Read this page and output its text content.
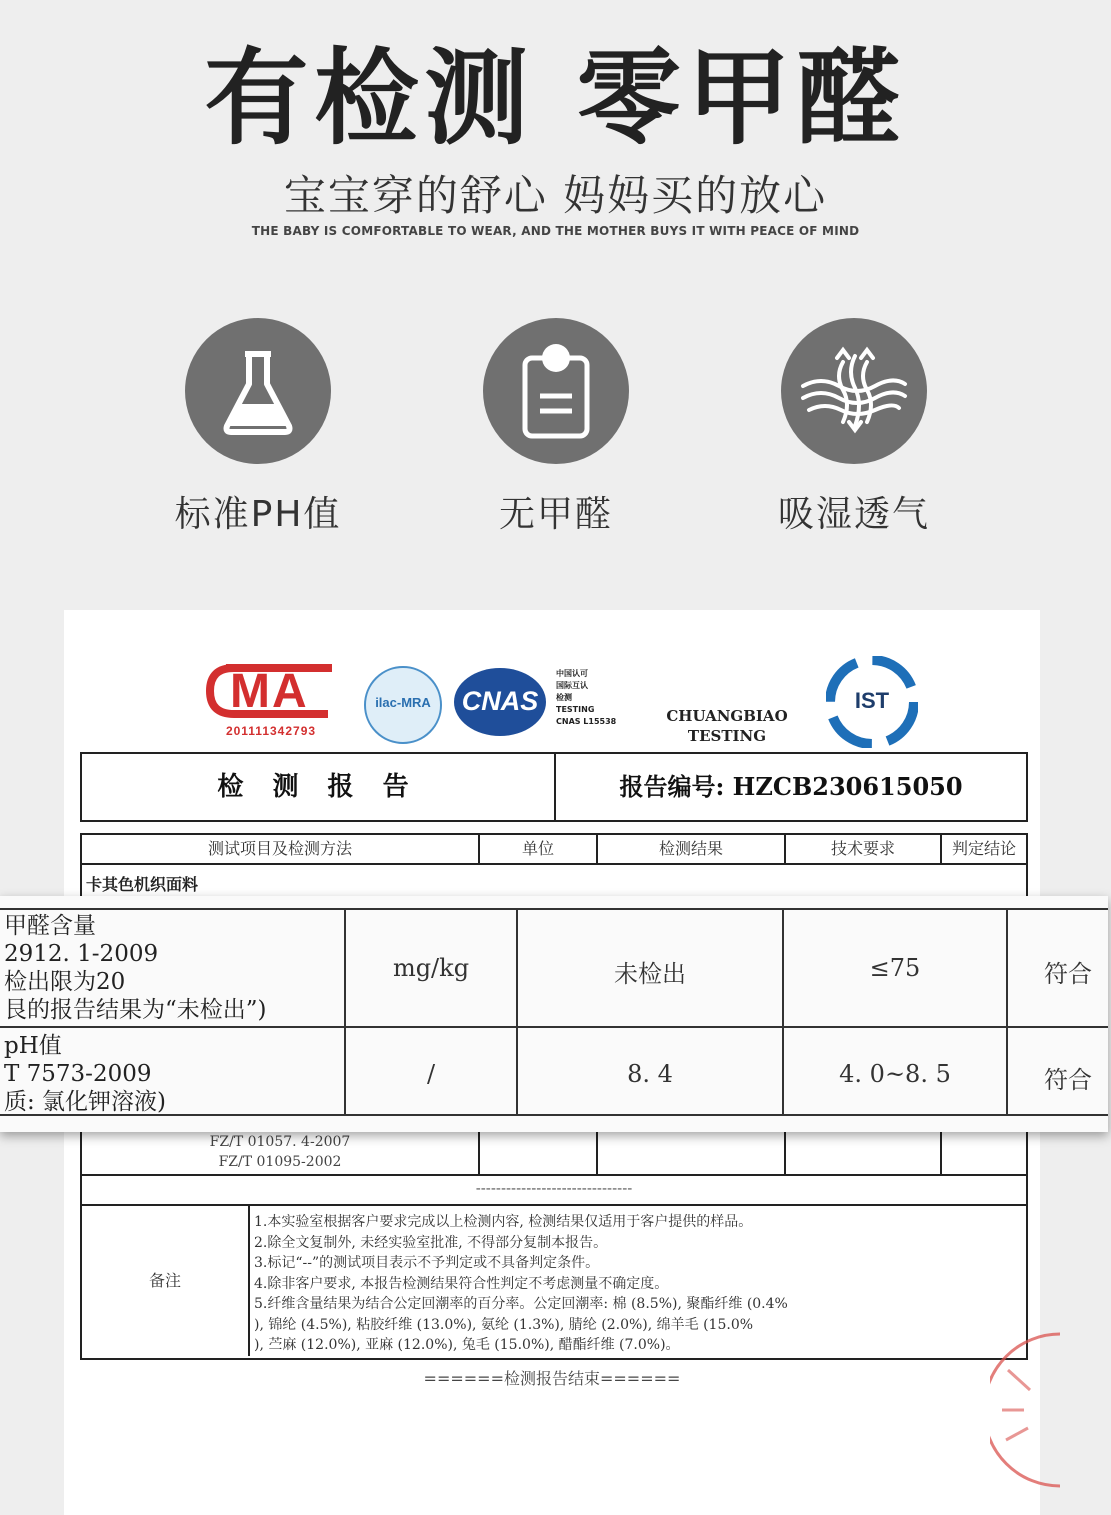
有检测 零甲醛
宝宝穿的舒心 妈妈买的放心
THE BABY IS COMFORTABLE TO WEAR, AND THE MOTHER BUYS IT WITH PEACE OF MIND
标准PH值	无甲醛	吸湿透气
MA
201111342793
ilac-MRA	CNAS
中国认可
国际互认
检测
TESTING
CNAS L15538	CHUANGBIAO
TESTING
IST
检 测 报 告	报告编号: HZCB230615050
测试项目及检测方法	单位	检测结果	技术要求	判定结论
卡其色机织面料
FZ/T 01057. 4-2007
FZ/T 01095-2002
-------------------------------
备注
1.本实验室根据客户要求完成以上检测内容, 检测结果仅适用于客户提供的样品。
2.除全文复制外, 未经实验室批准, 不得部分复制本报告。
3.标记“--”的测试项目表示不予判定或不具备判定条件。
4.除非客户要求, 本报告检测结果符合性判定不考虑测量不确定度。
5.纤维含量结果为结合公定回潮率的百分率。公定回潮率: 棉 (8.5%), 聚酯纤维 (0.4%
), 锦纶 (4.5%), 粘胶纤维 (13.0%), 氨纶 (1.3%), 腈纶 (2.0%), 绵羊毛 (15.0%
), 苎麻 (12.0%), 亚麻 (12.0%), 兔毛 (15.0%), 醋酯纤维 (7.0%)。
======检测报告结束======
甲醛含量
2912. 1-2009
检出限为20
艮的报告结果为“未检出”)
mg/kg	未检出	≤75	符合
pH值
T 7573-2009
质: 氯化钾溶液)
/	8. 4	4. 0~8. 5	符合
